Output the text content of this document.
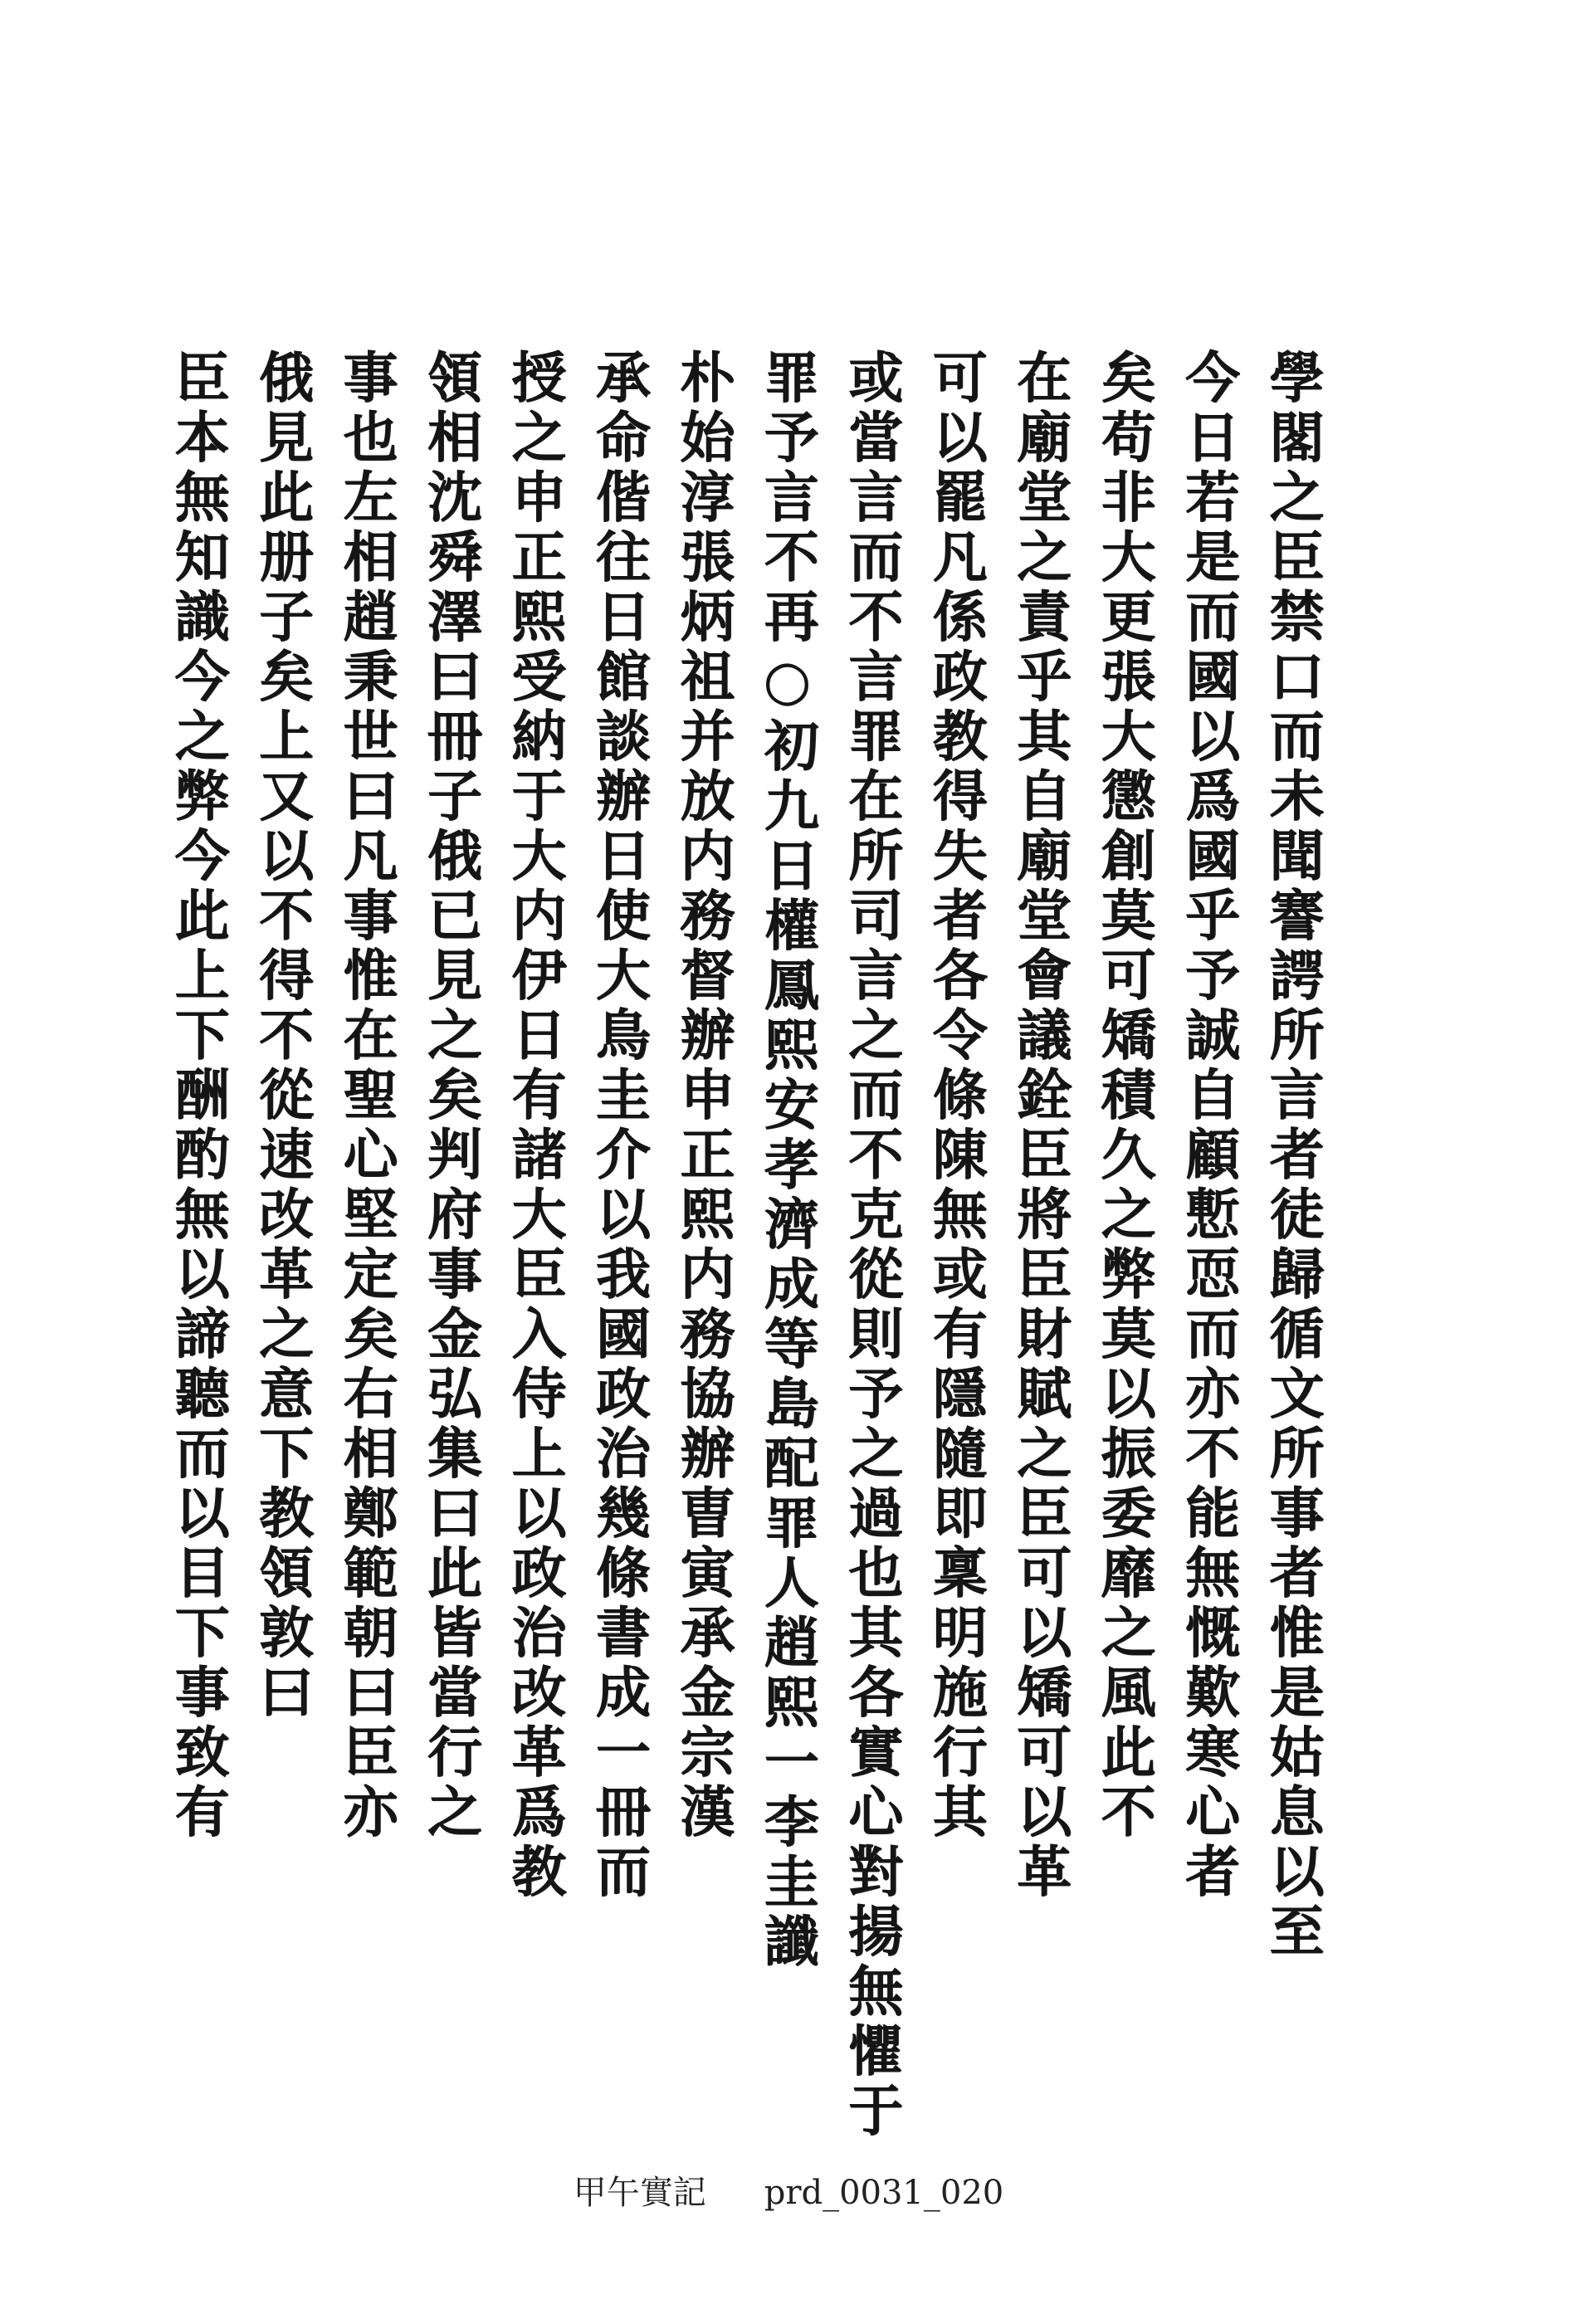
學閣之臣禁口而未聞謇諤所言者徒歸循文所事者惟是姑息以至
今日若是而國以爲國乎予誠自顧慙恧而亦不能無慨歎寒心者
矣苟非大更張大懲創莫可矯積久之弊莫以振委靡之風此不
在廟堂之責乎其自廟堂會議銓臣將臣財賦之臣可以矯可以革
可以罷凡係政教得失者各令條陳無或有隱隨即稟明施行其
或當言而不言罪在所司言之而不克從則予之過也其各實心對揚無懼于
罪予言不再○初九日權鳳熙安孝濟成等島配罪人趙熙一李圭讖
朴始淳張炳祖并放内務督辦申正熙内務協辦曺寅承金宗漢
承命偕往日館談辦日使大鳥圭介以我國政治幾條書成一冊而
授之申正熙受納于大内伊日有諸大臣入侍上以政治改革爲教
領相沈舜澤曰冊子俄已見之矣判府事金弘集曰此皆當行之
事也左相趙秉世曰凡事惟在聖心堅定矣右相鄭範朝曰臣亦
俄見此册子矣上又以不得不從速改革之意下教領敦曰
臣本無知識今之弊今此上下酬酌無以諦聽而以目下事致有
甲午實記 prd_0031_020
